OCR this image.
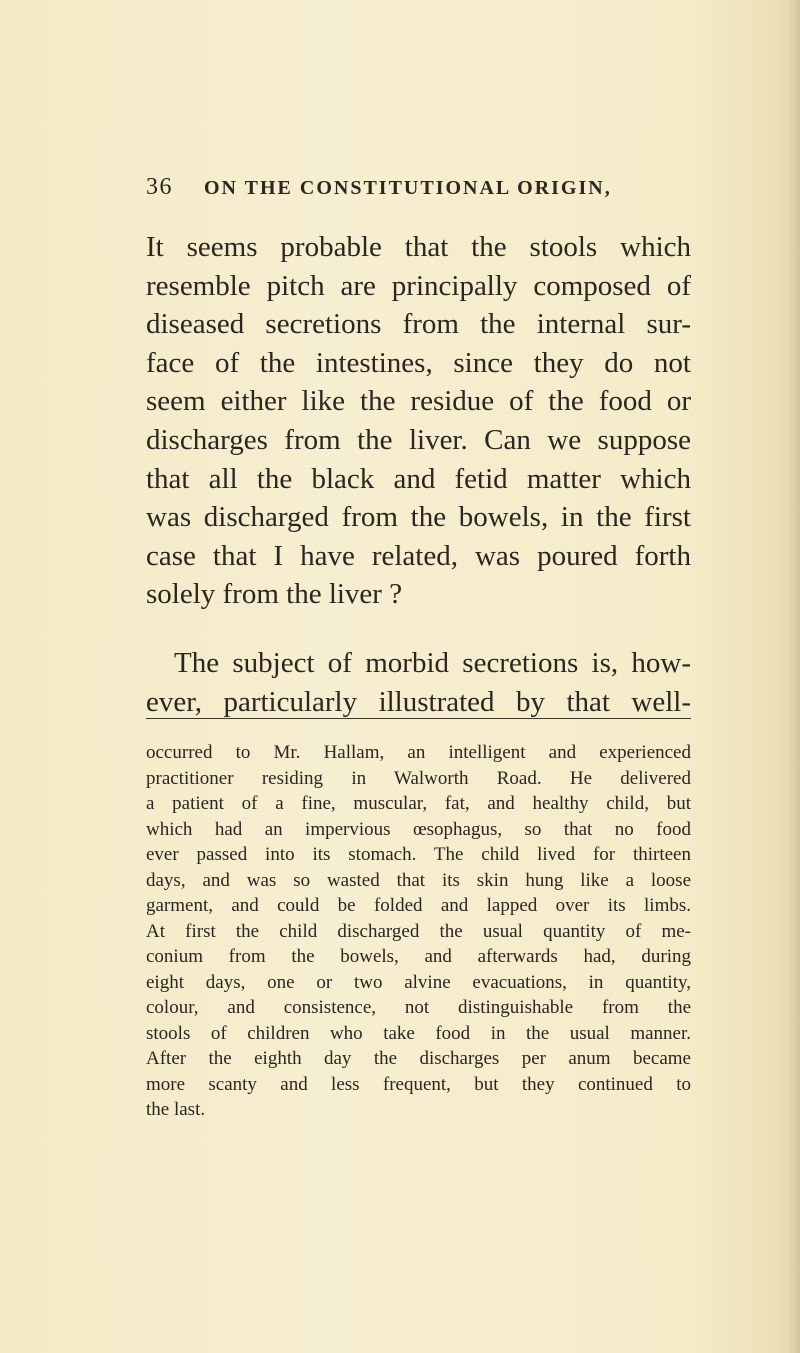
36 ON THE CONSTITUTIONAL ORIGIN,
It seems probable that the stools which
resemble pitch are principally composed of
diseased secretions from the internal sur-
face of the intestines, since they do not
seem either like the residue of the food or
discharges from the liver. Can we suppose
that all the black and fetid matter which
was discharged from the bowels, in the first
case that I have related, was poured forth
solely from the liver ?
The subject of morbid secretions is, how-
ever, particularly illustrated by that well-
occurred to Mr. Hallam, an intelligent and experienced
practitioner residing in Walworth Road. He delivered
a patient of a fine, muscular, fat, and healthy child, but
which had an impervious œsophagus, so that no food
ever passed into its stomach. The child lived for thirteen
days, and was so wasted that its skin hung like a loose
garment, and could be folded and lapped over its limbs.
At first the child discharged the usual quantity of me-
conium from the bowels, and afterwards had, during
eight days, one or two alvine evacuations, in quantity,
colour, and consistence, not distinguishable from the
stools of children who take food in the usual manner.
After the eighth day the discharges per anum became
more scanty and less frequent, but they continued to
the last.
